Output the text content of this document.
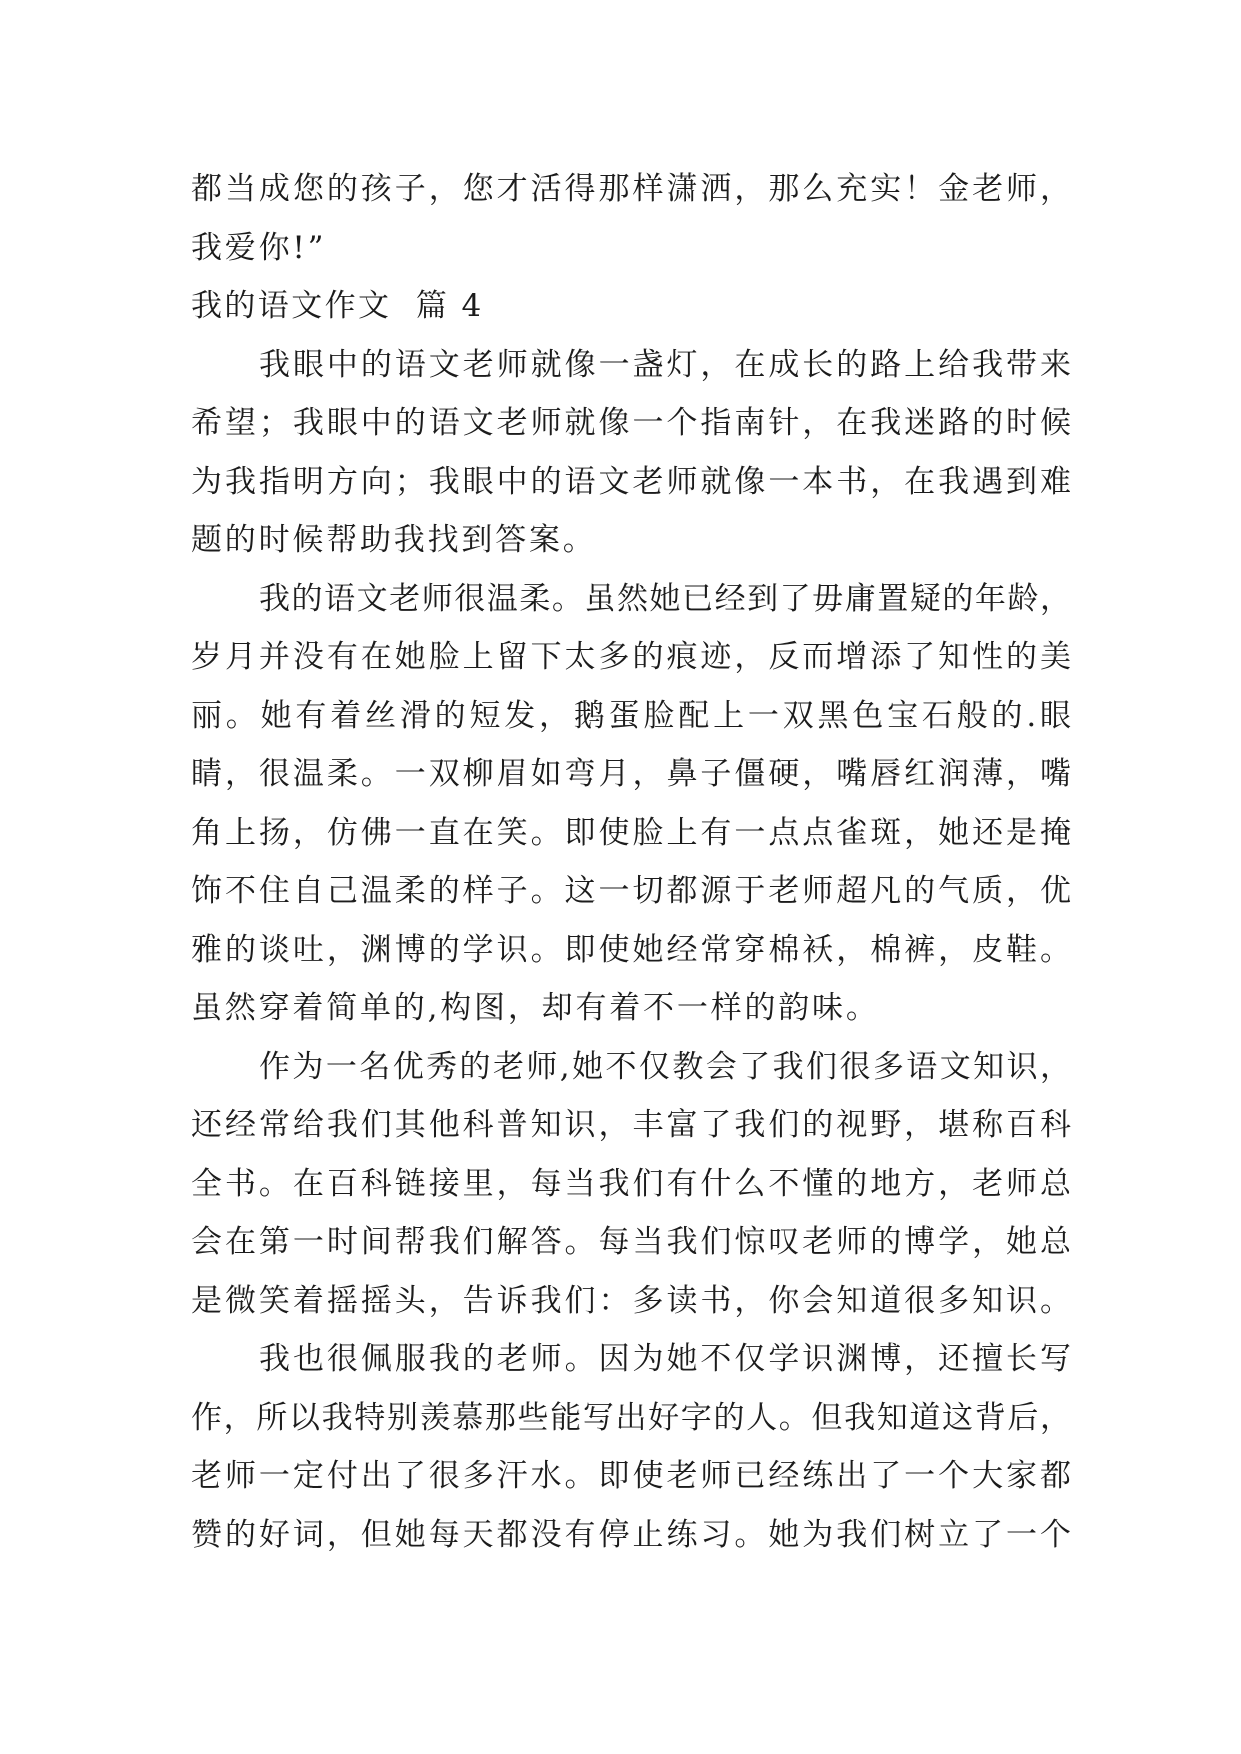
都当成您的孩子，您才活得那样潇洒，那么充实！金老师，
我爱你!”
我的语文作文  篇 4
我眼中的语文老师就像一盏灯，在成长的路上给我带来
希望；我眼中的语文老师就像一个指南针，在我迷路的时候
为我指明方向；我眼中的语文老师就像一本书，在我遇到难
题的时候帮助我找到答案。
我的语文老师很温柔。虽然她已经到了毋庸置疑的年龄，
岁月并没有在她脸上留下太多的痕迹，反而增添了知性的美
丽。她有着丝滑的短发，鹅蛋脸配上一双黑色宝石般的.眼
睛，很温柔。一双柳眉如弯月，鼻子僵硬，嘴唇红润薄，嘴
角上扬，仿佛一直在笑。即使脸上有一点点雀斑，她还是掩
饰不住自己温柔的样子。这一切都源于老师超凡的气质，优
雅的谈吐，渊博的学识。即使她经常穿棉袄，棉裤，皮鞋。
虽然穿着简单的,构图，却有着不一样的韵味。
作为一名优秀的老师,她不仅教会了我们很多语文知识，
还经常给我们其他科普知识，丰富了我们的视野，堪称百科
全书。在百科链接里，每当我们有什么不懂的地方，老师总
会在第一时间帮我们解答。每当我们惊叹老师的博学，她总
是微笑着摇摇头，告诉我们：多读书，你会知道很多知识。
我也很佩服我的老师。因为她不仅学识渊博，还擅长写
作，所以我特别羡慕那些能写出好字的人。但我知道这背后，
老师一定付出了很多汗水。即使老师已经练出了一个大家都
赞的好词，但她每天都没有停止练习。她为我们树立了一个
